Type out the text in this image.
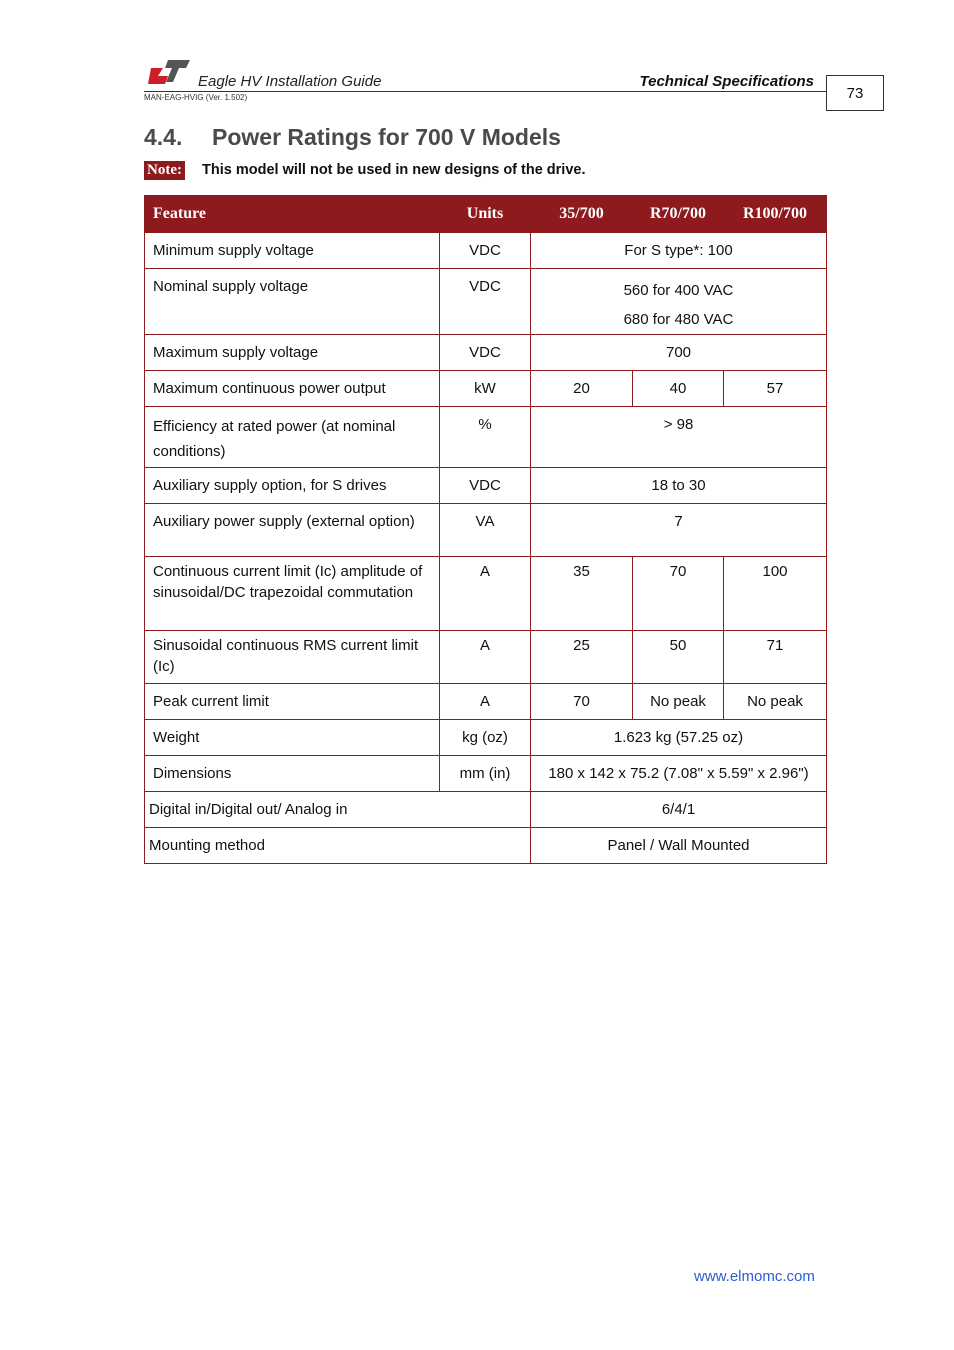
Eagle HV Installation Guide
MAN-EAG-HVIG (Ver. 1.502)
Technical Specifications
73
4.4. Power Ratings for 700 V Models
Note: This model will not be used in new designs of the drive.
Feature	Units	35/700	R70/700	R100/700
Minimum supply voltage	VDC	For S type*: 100		
Nominal supply voltage	VDC	560 for 400 VAC
680 for 480 VAC		

Maximum supply voltage	VDC	700		
Maximum continuous power output	kW	20	40	57
Efficiency at rated power (at nominal conditions)	%	> 98		
Auxiliary supply option, for S drives	VDC	18 to 30		
Auxiliary power supply (external option)	VA	7		
Continuous current limit (Ic) amplitude of sinusoidal/DC trapezoidal commutation	A	35	70	100
Sinusoidal continuous RMS current limit (Ic)	A	25	50	71
Peak current limit	A	70	No peak	No peak
Weight	kg (oz)	1.623 kg (57.25 oz)		
Dimensions	mm (in)	180 x 142 x 75.2 (7.08" x 5.59" x 2.96")		
Digital in/Digital out/ Analog in		6/4/1		
Mounting method		Panel / Wall Mounted		
www.elmomc.com
